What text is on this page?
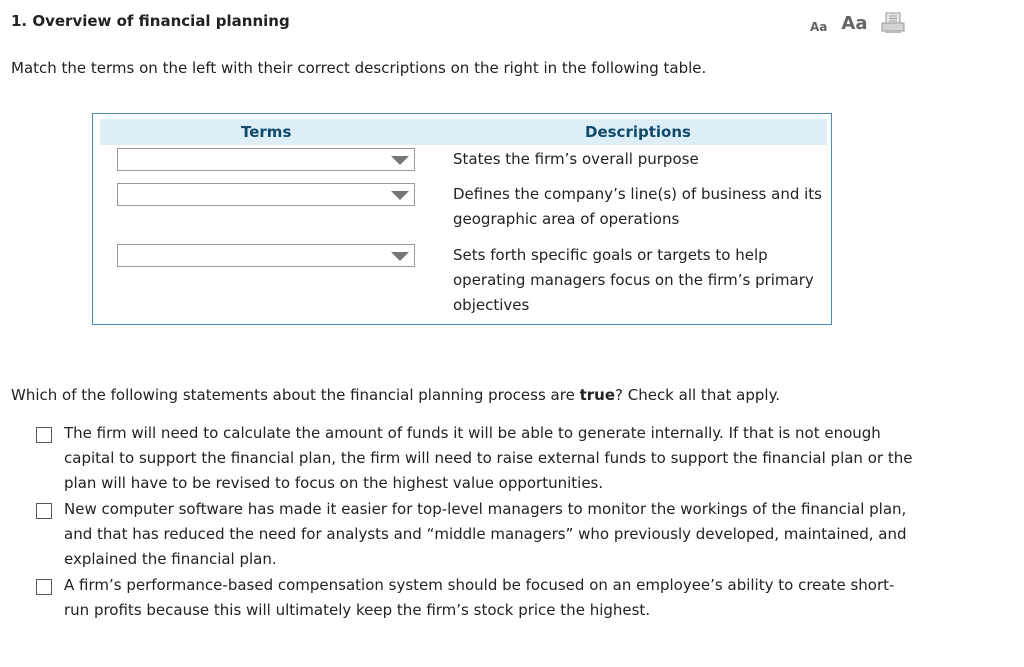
1. Overview of financial planning	Aa Aa
Match the terms on the left with their correct descriptions on the right in the following table.
Terms	Descriptions
States the firm’s overall purpose
Defines the company’s line(s) of business and its geographic area of operations
Sets forth specific goals or targets to help operating managers focus on the firm’s primary objectives
Which of the following statements about the financial planning process are true? Check all that apply.
The firm will need to calculate the amount of funds it will be able to generate internally. If that is not enough capital to support the financial plan, the firm will need to raise external funds to support the financial plan or the plan will have to be revised to focus on the highest value opportunities.
New computer software has made it easier for top-level managers to monitor the workings of the financial plan, and that has reduced the need for analysts and “middle managers” who previously developed, maintained, and explained the financial plan.
A firm’s performance-based compensation system should be focused on an employee’s ability to create short-run profits because this will ultimately keep the firm’s stock price the highest.
